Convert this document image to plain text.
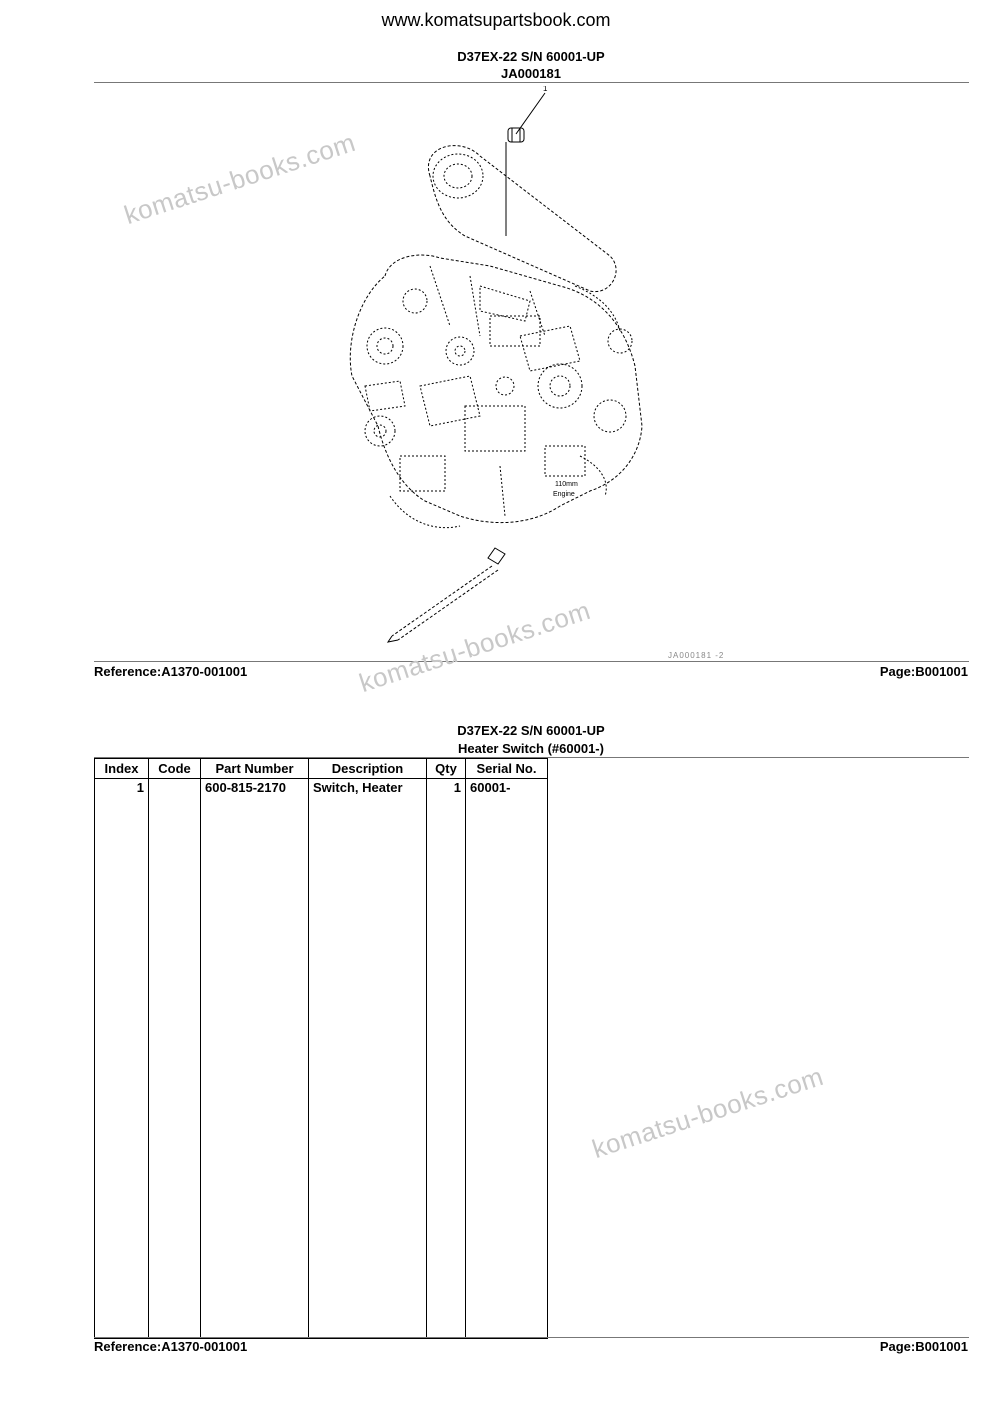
www.komatsupartsbook.com
D37EX-22 S/N 60001-UP
JA000181
1
110mm
Engine
JA000181 -2
Reference:A1370-001001	Page:B001001
D37EX-22 S/N 60001-UP
Heater Switch (#60001-)
Index	Code	Part Number	Description	Qty	Serial No.
1		600-815-2170	Switch, Heater	1	60001-

Reference:A1370-001001	Page:B001001
komatsu-books.com
komatsu-books.com
komatsu-books.com
